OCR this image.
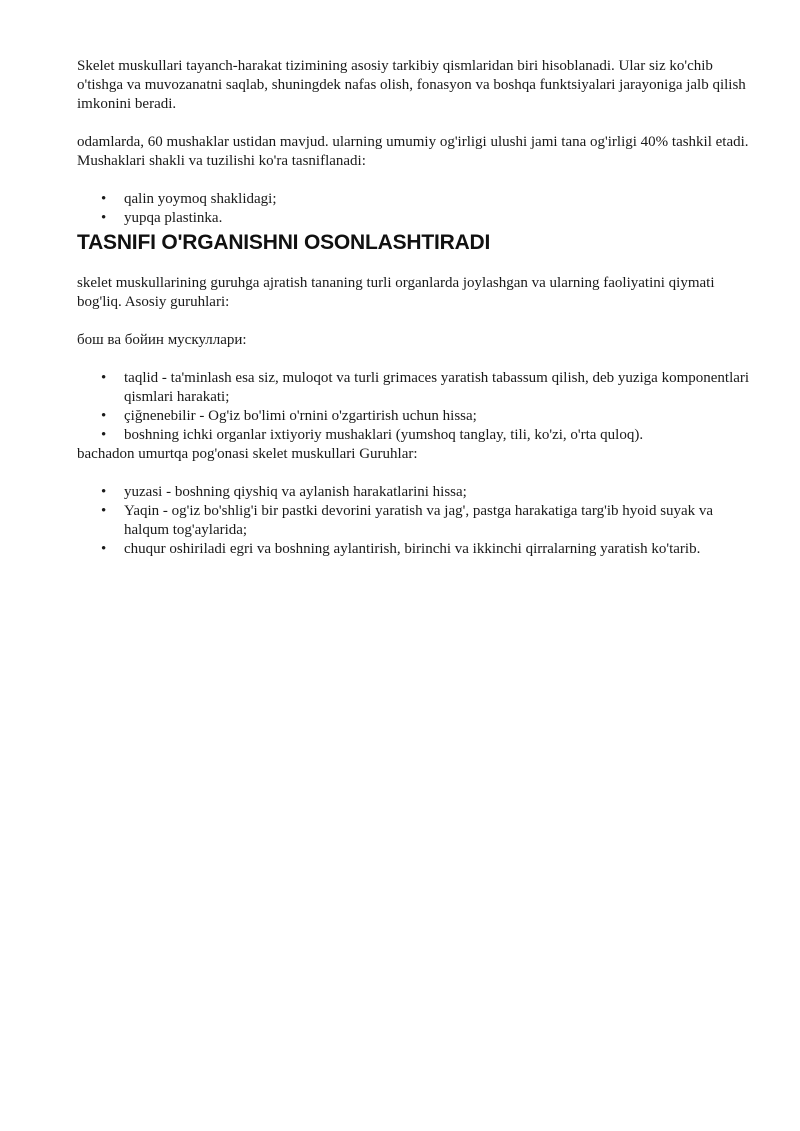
Skelet muskullari tayanch-harakat tizimining asosiy tarkibiy qismlaridan biri hisoblanadi. Ular siz ko'chib o'tishga va muvozanatni saqlab, shuningdek nafas olish, fonasyon va boshqa funktsiyalari jarayoniga jalb qilish imkonini beradi.

odamlarda, 60 mushaklar ustidan mavjud. ularning umumiy og'irligi ulushi jami tana og'irligi 40% tashkil etadi. Mushaklari shakli va tuzilishi ko'ra tasniflanadi:

• qalin yoymoq shaklidagi;
• yupqa plastinka.
TASNIFI O'RGANISHNI OSONLASHTIRADI

skelet muskullarining guruhga ajratish tananing turli organlarda joylashgan va ularning faoliyatini qiymati bog'liq. Asosiy guruhlari:

бош ва бойин мускуллари:

• taqlid - ta'minlash esa siz, muloqot va turli grimaces yaratish tabassum qilish, deb yuziga komponentlari qismlari harakati;
• çiğnenebilir - Og'iz bo'limi o'rnini o'zgartirish uchun hissa;
• boshning ichki organlar ixtiyoriy mushaklari (yumshoq tanglay, tili, ko'zi, o'rta quloq).

bachadon umurtqa pog'onasi skelet muskullari Guruhlar:

• yuzasi - boshning qiyshiq va aylanish harakatlarini hissa;
• Yaqin - og'iz bo'shlig'i bir pastki devorini yaratish va jag', pastga harakatiga targ'ib hyoid suyak va halqum tog'aylarida;
• chuqur oshiriladi egri va boshning aylantirish, birinchi va ikkinchi qirralarning yaratish ko'tarib.
